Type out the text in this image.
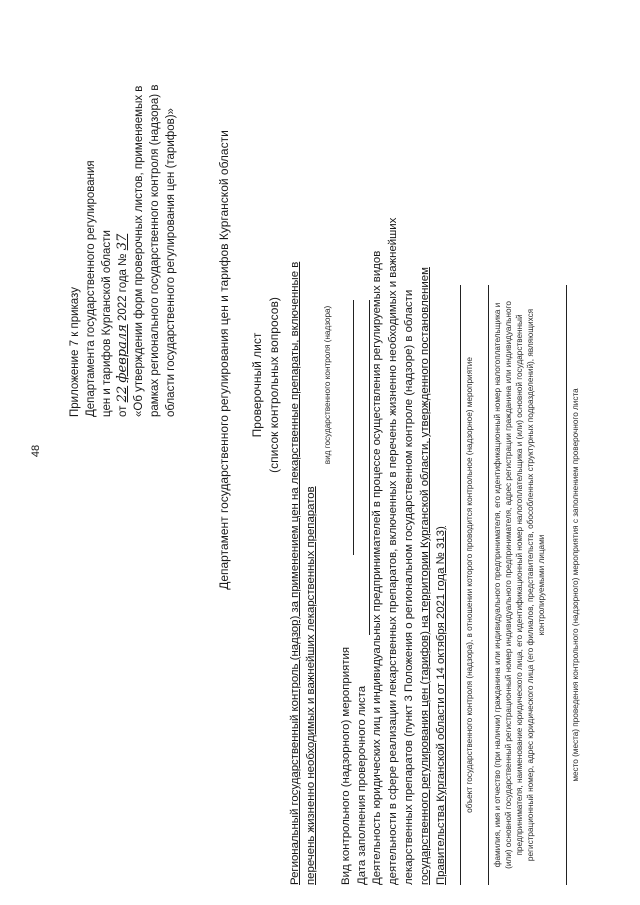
48
Приложение 7 к приказу Департамента государственного регулирования цен и тарифов Курганской области от 22 февраля 2022 года № 37 «Об утверждении форм проверочных листов, применяемых в рамках регионального государственного контроля (надзора) в области государственного регулирования цен (тарифов)»	Департамент государственного регулирования цен и тарифов Курганской области Проверочный лист (список контрольных вопросов) Региональный государственный контроль (надзор) за применением цен на лекарственные препараты, включенные в перечень жизненно необходимых и важнейших лекарственных препаратов
вид государственного контроля (надзора)
Вид контрольного (надзорного) мероприятия Дата заполнения проверочного листа Деятельность юридических лиц и индивидуальных предпринимателей в процессе осуществления регулируемых видов деятельности в сфере реализации лекарственных препаратов, включенных в перечень жизненно необходимых и важнейших лекарственных препаратов (пункт 3 Положения о региональном государственном контроле (надзоре) в области государственного регулирования цен (тарифов) на территории Курганской области, утвержденного постановлением Правительства Курганской области от 14 октября 2021 года № 313) объект государственного контроля (надзора), в отношении которого проводится контрольное (надзорное) мероприятие фамилия, имя и отчество (при наличии) гражданина или индивидуального предпринимателя, его идентификационный номер налогоплательщика и (или) основной государственный регистрационный номер индивидуального предпринимателя, адрес регистрации гражданина или индивидуального предпринимателя, наименование юридического лица, его идентификационный номер налогоплательщика и (или) основной государственный регистрационный номер, адрес юридического лица (его филиалов, представительств, обособленных структурных подразделений), являющихся контролируемыми лицами	место (места) проведения контрольного (надзорного) мероприятия с заполнением проверочного листа
